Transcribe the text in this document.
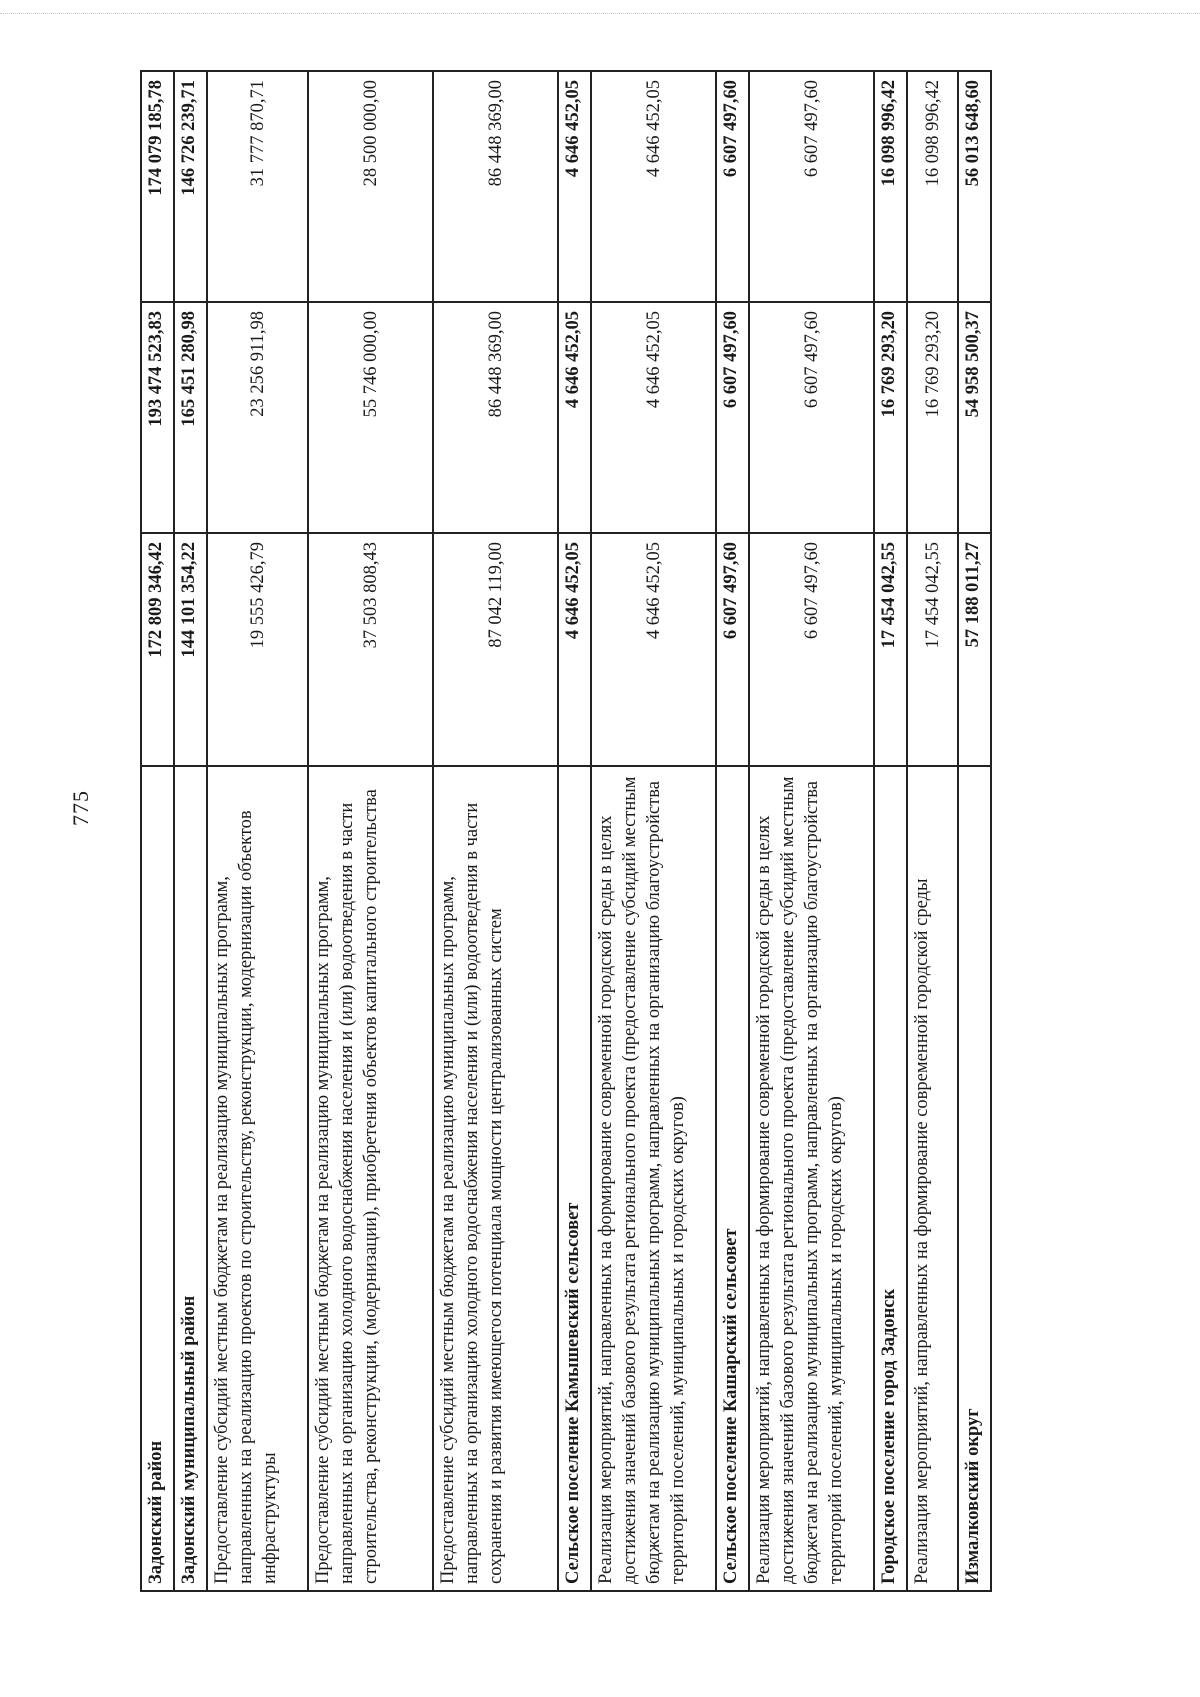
775
Задонский район	172 809 346,42	193 474 523,83	174 079 185,78
Задонский муниципальный район	144 101 354,22	165 451 280,98	146 726 239,71
Предоставление субсидий местным бюджетам на реализацию муниципальных программ, направленных на реализацию проектов по строительству, реконструкции, модернизации объектов инфраструктуры	19 555 426,79	23 256 911,98	31 777 870,71
Предоставление субсидий местным бюджетам на реализацию муниципальных программ, направленных на организацию холодного водоснабжения населения и (или) водоотведения в части строительства, реконструкции, (модернизации), приобретения объектов капитального строительства	37 503 808,43	55 746 000,00	28 500 000,00
Предоставление субсидий местным бюджетам на реализацию муниципальных программ, направленных на организацию холодного водоснабжения населения и (или) водоотведения в части сохранения и развития имеющегося потенциала мощности централизованных систем	87 042 119,00	86 448 369,00	86 448 369,00
Сельское поселение Камышевский сельсовет	4 646 452,05	4 646 452,05	4 646 452,05
Реализация мероприятий, направленных на формирование современной городской среды в целях достижения значений базового результата регионального проекта (предоставление субсидий местным бюджетам на реализацию муниципальных программ, направленных на организацию благоустройства территорий поселений, муниципальных и городских округов)	4 646 452,05	4 646 452,05	4 646 452,05
Сельское поселение Кашарский сельсовет	6 607 497,60	6 607 497,60	6 607 497,60
Реализация мероприятий, направленных на формирование современной городской среды в целях достижения значений базового результата регионального проекта (предоставление субсидий местным бюджетам на реализацию муниципальных программ, направленных на организацию благоустройства территорий поселений, муниципальных и городских округов)	6 607 497,60	6 607 497,60	6 607 497,60
Городское поселение город Задонск	17 454 042,55	16 769 293,20	16 098 996,42
Реализация мероприятий, направленных на формирование современной городской среды	17 454 042,55	16 769 293,20	16 098 996,42
Измалковский округ	57 188 011,27	54 958 500,37	56 013 648,60
